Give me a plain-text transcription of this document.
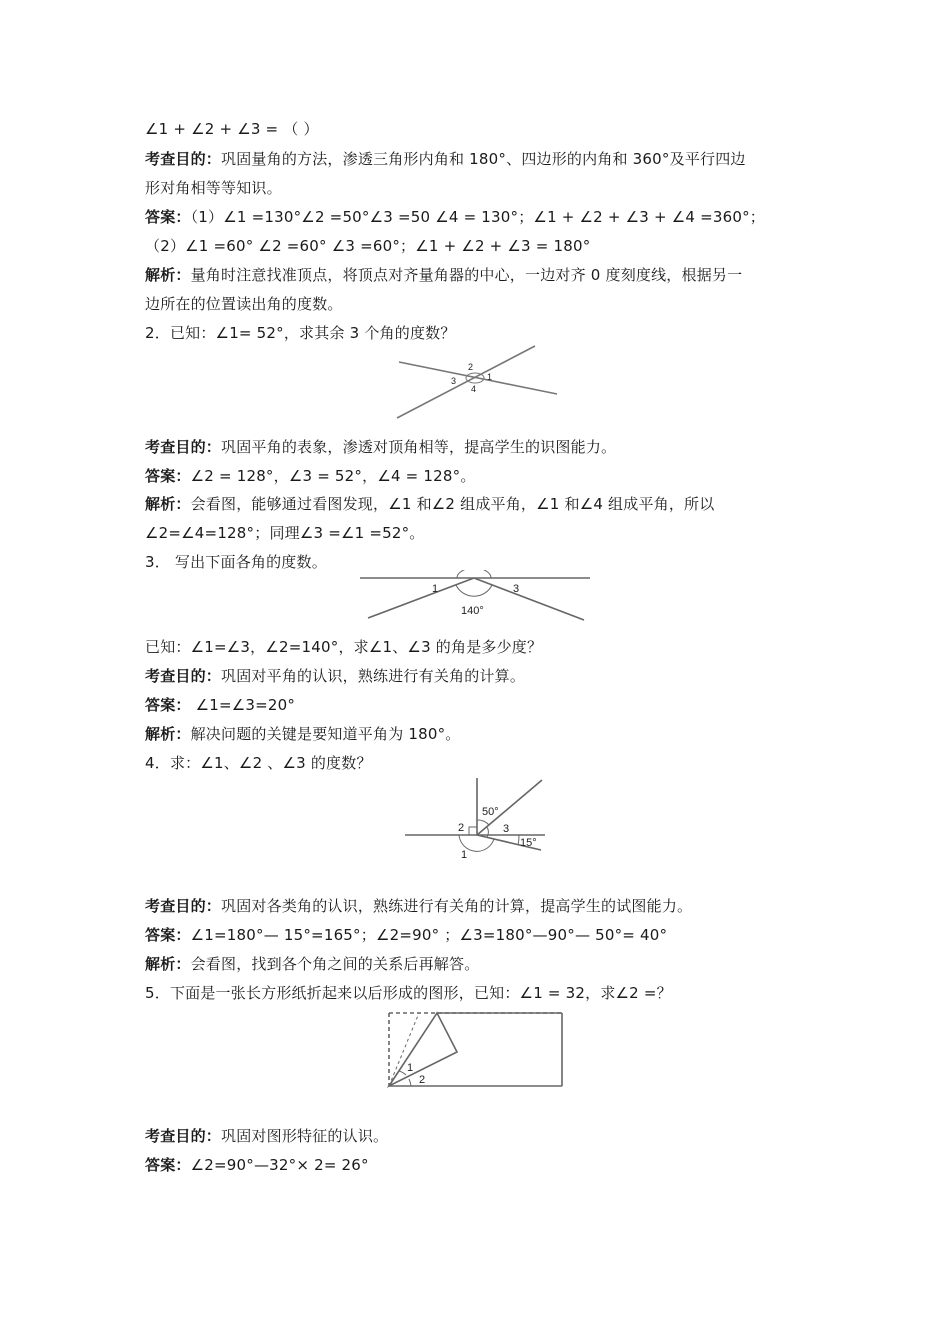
∠1 + ∠2 + ∠3 = （ ）
考查目的：巩固量角的方法，渗透三角形内角和 180°、四边形的内角和 360°及平行四边
形对角相等等知识。
答案：（1）∠1 =130°∠2 =50°∠3 =50 ∠4 = 130°；∠1 + ∠2 + ∠3 + ∠4 =360°；
（2）∠1 =60° ∠2 =60° ∠3 =60°；∠1 + ∠2 + ∠3 = 180°
解析：量角时注意找准顶点，将顶点对齐量角器的中心，一边对齐 0 度刻度线，根据另一
边所在的位置读出角的度数。
2．已知：∠1= 52°，求其余 3 个角的度数？
2
1
3
4
考查目的：巩固平角的表象，渗透对顶角相等，提高学生的识图能力。
答案：∠2 = 128°，∠3 = 52°，∠4 = 128°。
解析：会看图，能够通过看图发现，∠1 和∠2 组成平角，∠1 和∠4 组成平角，所以
∠2=∠4=128°；同理∠3 =∠1 =52°。
3． 写出下面各角的度数。
1	3
140°
已知：∠1=∠3，∠2=140°，求∠1、∠3 的角是多少度？
考查目的：巩固对平角的认识，熟练进行有关角的计算。
答案： ∠1=∠3=20°
解析：解决问题的关键是要知道平角为 180°。
4．求：∠1、∠2 、∠3 的度数？
50°
2	3
15°
1
考查目的：巩固对各类角的认识，熟练进行有关角的计算，提高学生的试图能力。
答案：∠1=180°— 15°=165°；∠2=90° ；∠3=180°—90°— 50°= 40°
解析：会看图，找到各个角之间的关系后再解答。
5．下面是一张长方形纸折起来以后形成的图形，已知：∠1 = 32，求∠2 =？
1
2
考查目的：巩固对图形特征的认识。
答案：∠2=90°—32°× 2= 26°
